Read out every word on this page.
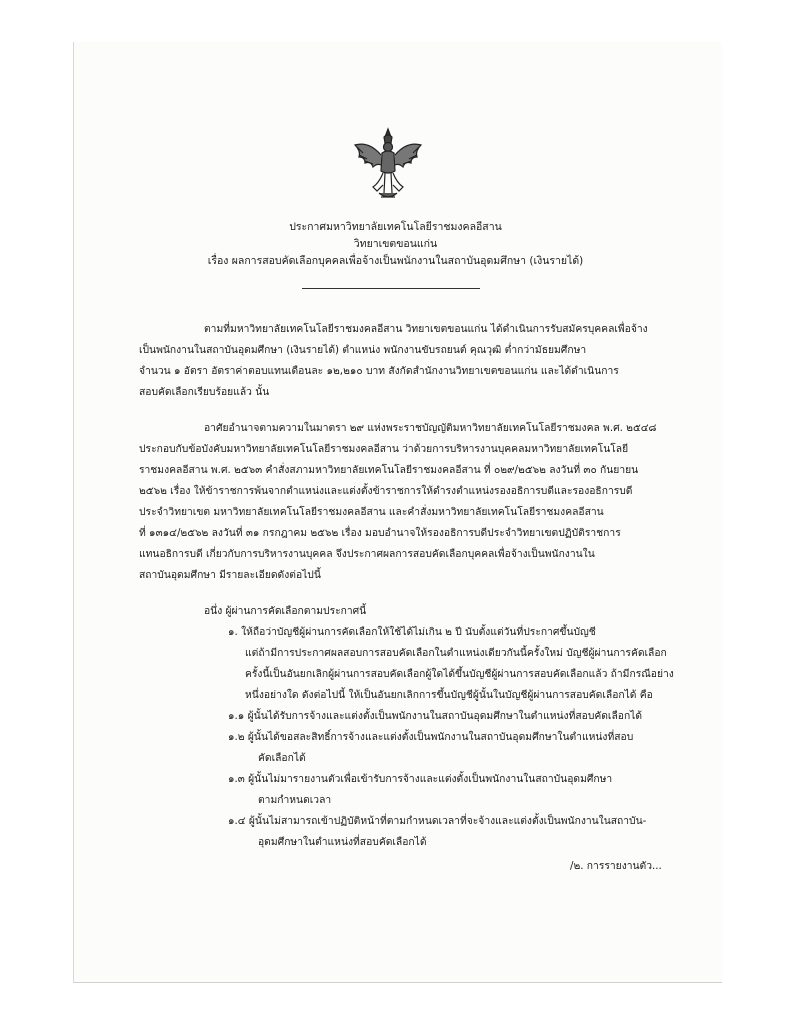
ประกาศมหาวิทยาลัยเทคโนโลยีราชมงคลอีสาน
วิทยาเขตขอนแก่น
เรื่อง ผลการสอบคัดเลือกบุคคลเพื่อจ้างเป็นพนักงานในสถาบันอุดมศึกษา (เงินรายได้)
ตามที่มหาวิทยาลัยเทคโนโลยีราชมงคลอีสาน วิทยาเขตขอนแก่น ได้ดำเนินการรับสมัครบุคคลเพื่อจ้าง
เป็นพนักงานในสถาบันอุดมศึกษา (เงินรายได้) ตำแหน่ง พนักงานขับรถยนต์ คุณวุฒิ ต่ำกว่ามัธยมศึกษา
จำนวน ๑ อัตรา อัตราค่าตอบแทนเดือนละ ๑๒,๒๑๐ บาท สังกัดสำนักงานวิทยาเขตขอนแก่น และได้ดำเนินการ
สอบคัดเลือกเรียบร้อยแล้ว นั้น
อาศัยอำนาจตามความในมาตรา ๒๙ แห่งพระราชบัญญัติมหาวิทยาลัยเทคโนโลยีราชมงคล พ.ศ. ๒๕๔๘
ประกอบกับข้อบังคับมหาวิทยาลัยเทคโนโลยีราชมงคลอีสาน ว่าด้วยการบริหารงานบุคคลมหาวิทยาลัยเทคโนโลยี
ราชมงคลอีสาน พ.ศ. ๒๕๖๓ คำสั่งสภามหาวิทยาลัยเทคโนโลยีราชมงคลอีสาน ที่ ๐๒๙/๒๕๖๒ ลงวันที่ ๓๐ กันยายน
๒๕๖๒ เรื่อง ให้ข้าราชการพ้นจากตำแหน่งและแต่งตั้งข้าราชการให้ดำรงตำแหน่งรองอธิการบดีและรองอธิการบดี
ประจำวิทยาเขต มหาวิทยาลัยเทคโนโลยีราชมงคลอีสาน และคำสั่งมหาวิทยาลัยเทคโนโลยีราชมงคลอีสาน
ที่ ๑๓๑๔/๒๕๖๒ ลงวันที่ ๓๑ กรกฎาคม ๒๕๖๒ เรื่อง มอบอำนาจให้รองอธิการบดีประจำวิทยาเขตปฏิบัติราชการ
แทนอธิการบดี เกี่ยวกับการบริหารงานบุคคล จึงประกาศผลการสอบคัดเลือกบุคคลเพื่อจ้างเป็นพนักงานใน
สถาบันอุดมศึกษา มีรายละเอียดดังต่อไปนี้
อนึ่ง ผู้ผ่านการคัดเลือกตามประกาศนี้
๑. ให้ถือว่าบัญชีผู้ผ่านการคัดเลือกให้ใช้ได้ไม่เกิน ๒ ปี นับตั้งแต่วันที่ประกาศขึ้นบัญชี
แต่ถ้ามีการประกาศผลสอบการสอบคัดเลือกในตำแหน่งเดียวกันนี้ครั้งใหม่ บัญชีผู้ผ่านการคัดเลือก
ครั้งนี้เป็นอันยกเลิกผู้ผ่านการสอบคัดเลือกผู้ใดได้ขึ้นบัญชีผู้ผ่านการสอบคัดเลือกแล้ว ถ้ามีกรณีอย่าง
หนึ่งอย่างใด ดังต่อไปนี้ ให้เป็นอันยกเลิกการขึ้นบัญชีผู้นั้นในบัญชีผู้ผ่านการสอบคัดเลือกได้ คือ
๑.๑ ผู้นั้นได้รับการจ้างและแต่งตั้งเป็นพนักงานในสถาบันอุดมศึกษาในตำแหน่งที่สอบคัดเลือกได้
๑.๒ ผู้นั้นได้ขอสละสิทธิ์การจ้างและแต่งตั้งเป็นพนักงานในสถาบันอุดมศึกษาในตำแหน่งที่สอบ
คัดเลือกได้
๑.๓ ผู้นั้นไม่มารายงานตัวเพื่อเข้ารับการจ้างและแต่งตั้งเป็นพนักงานในสถาบันอุดมศึกษา
ตามกำหนดเวลา
๑.๔ ผู้นั้นไม่สามารถเข้าปฏิบัติหน้าที่ตามกำหนดเวลาที่จะจ้างและแต่งตั้งเป็นพนักงานในสถาบัน-
อุดมศึกษาในตำแหน่งที่สอบคัดเลือกได้
/๒. การรายงานตัว...
